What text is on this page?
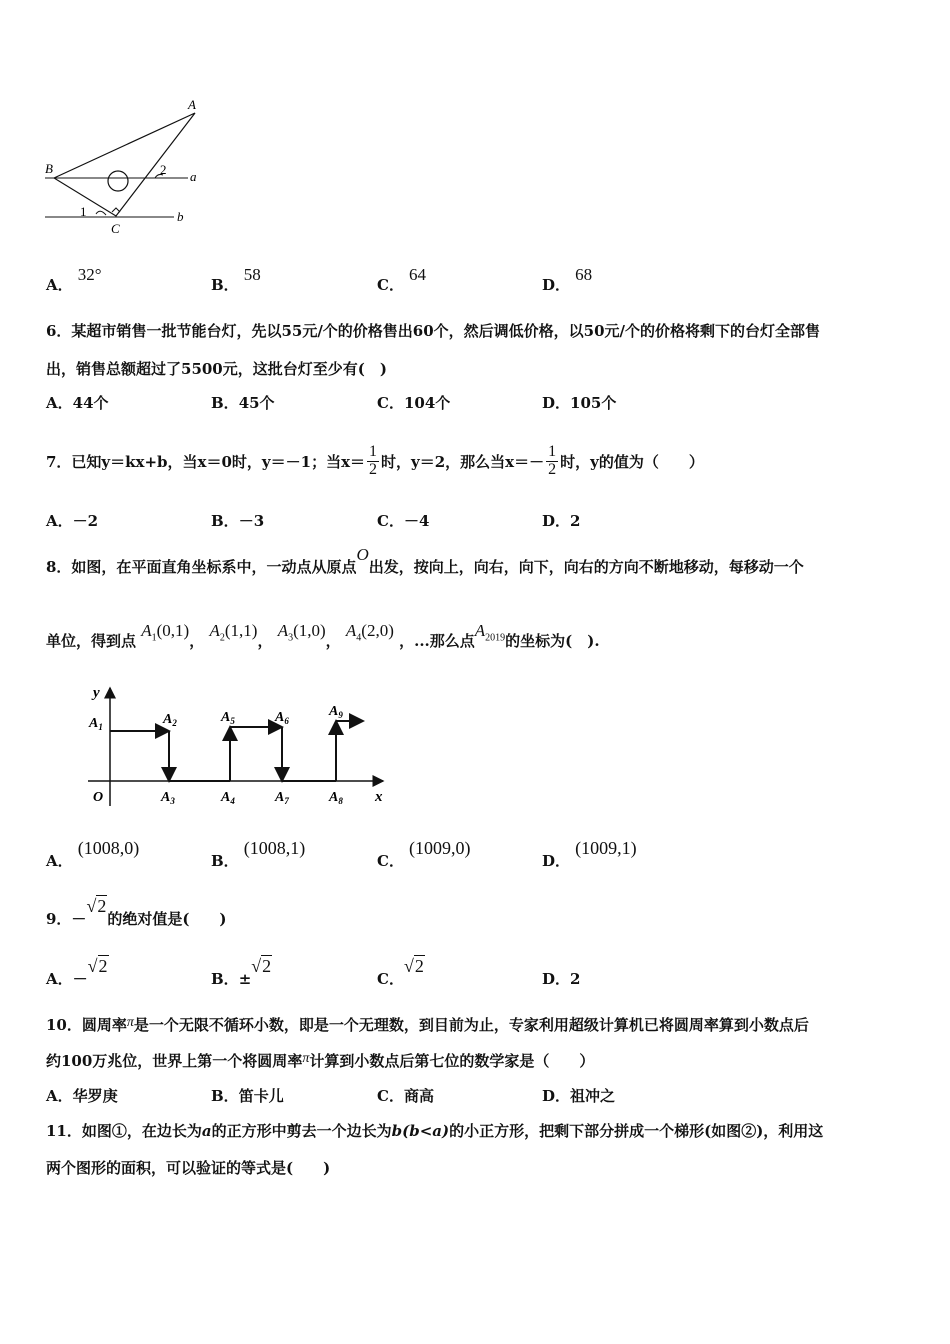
A
B
C
1
2 a
b
A． 32°
B． 58
C． 64
D． 68
6．某超市销售一批节能台灯，先以55元/个的价格售出60个，然后调低价格，以50元/个的价格将剩下的台灯全部售
出，销售总额超过了5500元，这批台灯至少有(　)
A．44个	B．45个	C．104个	D．105个
7．已知y＝kx+b，当x＝0时，y＝－1；当$x= \frac{1}{2}$ 时，y＝2，那么当$x=- \frac{1}{2}$ 时，y的值为（　　）
A．－2	B．－3	C．－4	D．2
8．如图，在平面直角坐标系中，一动点从原点O出发，按向上，向右，向下，向右的方向不断地移动，每移动一个
单位，得到点 $A_1(0,1)$， $A_2(1,1)$， $A_3(1,0)$， $A_4(2,0)$ ，...那么点$A_{2019}$的坐标为(　).
y
x
O
$A_1$	$A_2$
$A_3$	$A_4$
$A_5$	$A_6$
$A_7$	$A_8$
$A_9$
A． (1008,0)
B． (1008,1)
C． (1009,0)
D． (1009,1)
9．－√2的绝对值是(　　)
A．－√2
B．±√2
C．√2
D．2
10．圆周率π是一个无限不循环小数，即是一个无理数，到目前为止，专家利用超级计算机已将圆周率算到小数点后
约100万兆位，世界上第一个将圆周率π计算到小数点后第七位的数学家是（　　）
A．华罗庚	B．笛卡儿	C．商高	D．祖冲之
11．如图①，在边长为a的正方形中剪去一个边长为b(b<a)的小正方形，把剩下部分拼成一个梯形(如图②)，利用这
两个图形的面积，可以验证的等式是(　　)
